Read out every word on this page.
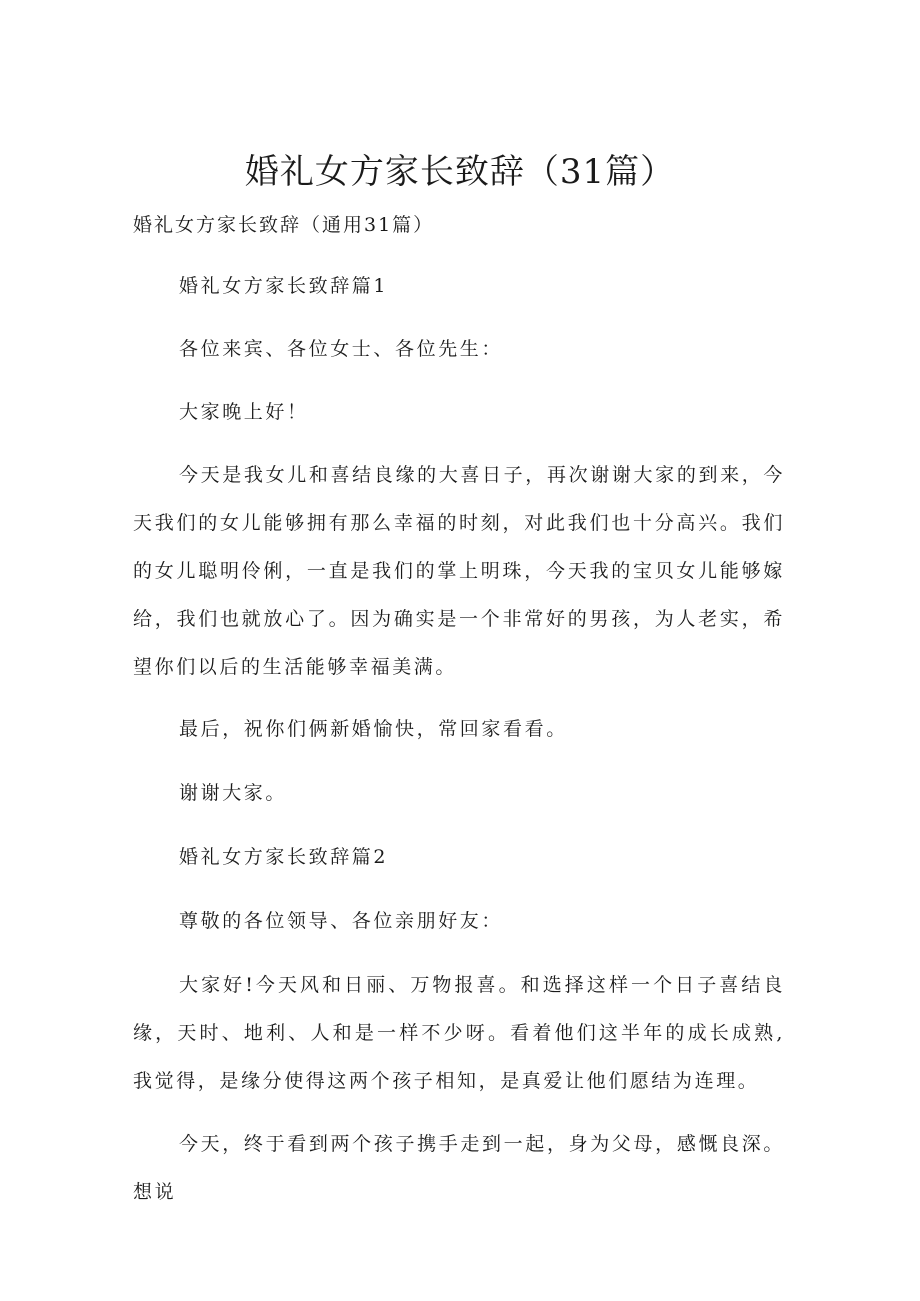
婚礼女方家长致辞（31篇）
婚礼女方家长致辞（通用31篇）
婚礼女方家长致辞篇1
各位来宾、各位女士、各位先生：
大家晚上好！
今天是我女儿和喜结良缘的大喜日子，再次谢谢大家的到来，今天我们的女儿能够拥有那么幸福的时刻，对此我们也十分高兴。我们的女儿聪明伶俐，一直是我们的掌上明珠，今天我的宝贝女儿能够嫁给，我们也就放心了。因为确实是一个非常好的男孩，为人老实，希望你们以后的生活能够幸福美满。
最后，祝你们俩新婚愉快，常回家看看。
谢谢大家。
婚礼女方家长致辞篇2
尊敬的各位领导、各位亲朋好友：
大家好!今天风和日丽、万物报喜。和选择这样一个日子喜结良缘，天时、地利、人和是一样不少呀。看着他们这半年的成长成熟,我觉得，是缘分使得这两个孩子相知，是真爱让他们愿结为连理。
今天，终于看到两个孩子携手走到一起，身为父母，感慨良深。想说
